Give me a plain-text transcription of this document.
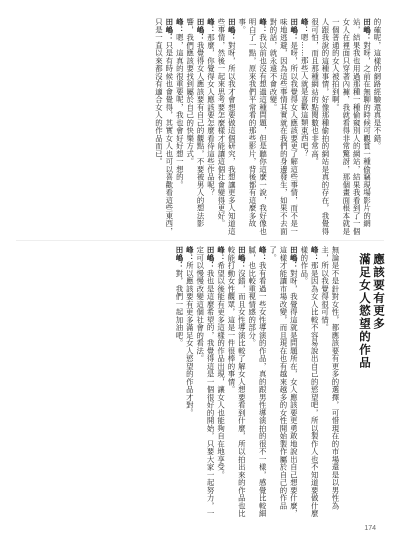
的確呢，這樣的網路經驗還真是不錯。

田嶋：對呀，之前在無聊的時候可觀賞一種偷竊現場影片的網站，結果我也用過那種一種偷窺別人的網站，結果我看到了一個女人在裡面只穿著內褲，我就看得非常驚訝，那個畫面根本就是一個普通的女人被拍到啊。

人跟我說的這種事情，好像那種偷拍的網站是真的存在，我覺得很可怕，而且那種網站的點閱數也非常高。

峰：嗯……那些人就是喜歡這類東西吧？

田嶋：是呀，所以我覺得女人應該要更了解這些事情，而不是一味地逃避，因為這些事情其實就在我們的身邊發生，如果不去面對的話，就永遠不會改變。

峰：我以前也沒有想過這種問題，但是聽你這麼一說，我好像也明白了一點，原來我們平常看的那些影片，背後都有這麼多故事。

田嶋：對呀，所以我才會想要做這個研究，我想讓更多人知道這些事情，然後一起來思考要怎麼樣才能讓這個社會變得更好。

峰：那麼，你覺得女人應該要怎麼看待這些作品呢？

田嶋：我覺得女人應該要有自己的觀點，不要被男人的想法影響，我們應該要找到屬於自己的快樂方式。

峰：嗯，這真的很重要呢，我也會好好想一想的。

田嶋：只是有時候也會覺得，其實女人也可以喜歡看這些東西，只是一直以來都沒有適合女人的作品而已。

應該要有更多
滿足女人慾望的作品

無論是不是針對女性，都應該要有更多的選擇，可惜現在的市場還是以男性為主，所以我覺得很可惜。

峰：那是因為女人比較不容易說出自己的慾望吧，所以製作人也不知道要做什麼樣的作品。

田嶋：對呀，我覺得這就是問題所在，女人應該要更勇敢地說出自己想要什麼，這樣才能讓市場改變，而且現在也有越來越多的女性開始製作屬於自己的作品了。

峰：我有看過一些女性導演的作品，真的跟男性導演拍的很不一樣，感覺比較細膩，也比較重視情感的部分。

田嶋：沒錯，而且女性導演比較了解女人想要看到什麼，所以拍出來的作品也比較能打動女性觀眾，這是一件很棒的事情。

峰：希望以後能有更多這樣的作品出現，讓女人也能夠自在地享受。

田嶋：我也是這麼希望的，我覺得這是一個很好的開始，只要大家一起努力，一定可以慢慢改變這個社會的看法。

峰：所以應該要有更多滿足女人慾望的作品才對。

田嶋：對，我們一起加油吧。

174
